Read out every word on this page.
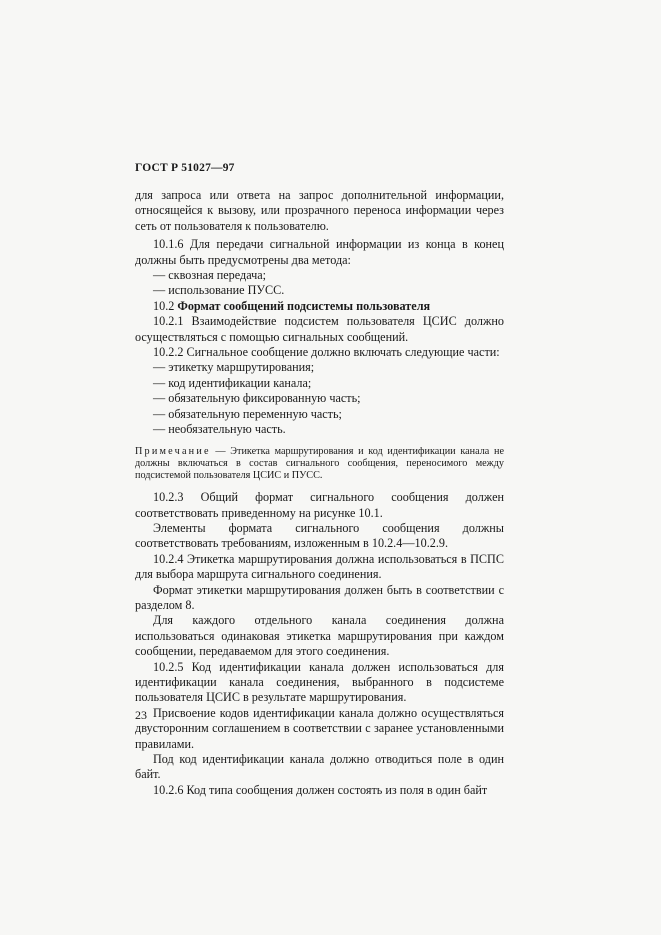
ГОСТ Р 51027—97

для запроса или ответа на запрос дополнительной информации, относящейся к вызову, или прозрачного переноса информации через сеть от пользователя к пользователю.

10.1.6 Для передачи сигнальной информации из конца в конец должны быть предусмотрены два метода:

— сквозная передача;

— использование ПУСС.

10.2 Формат сообщений подсистемы пользователя

10.2.1 Взаимодействие подсистем пользователя ЦСИС должно осуществляться с помощью сигнальных сообщений.

10.2.2 Сигнальное сообщение должно включать следующие части:

— этикетку маршрутирования;

— код идентификации канала;

— обязательную фиксированную часть;

— обязательную переменную часть;

— необязательную часть.

Примечание — Этикетка маршрутирования и код идентификации канала не должны включаться в состав сигнального сообщения, переносимого между подсистемой пользователя ЦСИС и ПУСС.

10.2.3 Общий формат сигнального сообщения должен соответствовать приведенному на рисунке 10.1.

Элементы формата сигнального сообщения должны соответствовать требованиям, изложенным в 10.2.4—10.2.9.

10.2.4 Этикетка маршрутирования должна использоваться в ПСПС для выбора маршрута сигнального соединения.

Формат этикетки маршрутирования должен быть в соответствии с разделом 8.

Для каждого отдельного канала соединения должна использоваться одинаковая этикетка маршрутирования при каждом сообщении, передаваемом для этого соединения.

10.2.5 Код идентификации канала должен использоваться для идентификации канала соединения, выбранного в подсистеме пользователя ЦСИС в результате маршрутирования.

Присвоение кодов идентификации канала должно осуществляться двусторонним соглашением в соответствии с заранее установленными правилами.

Под код идентификации канала должно отводиться поле в один байт.

10.2.6 Код типа сообщения должен состоять из поля в один байт

23
